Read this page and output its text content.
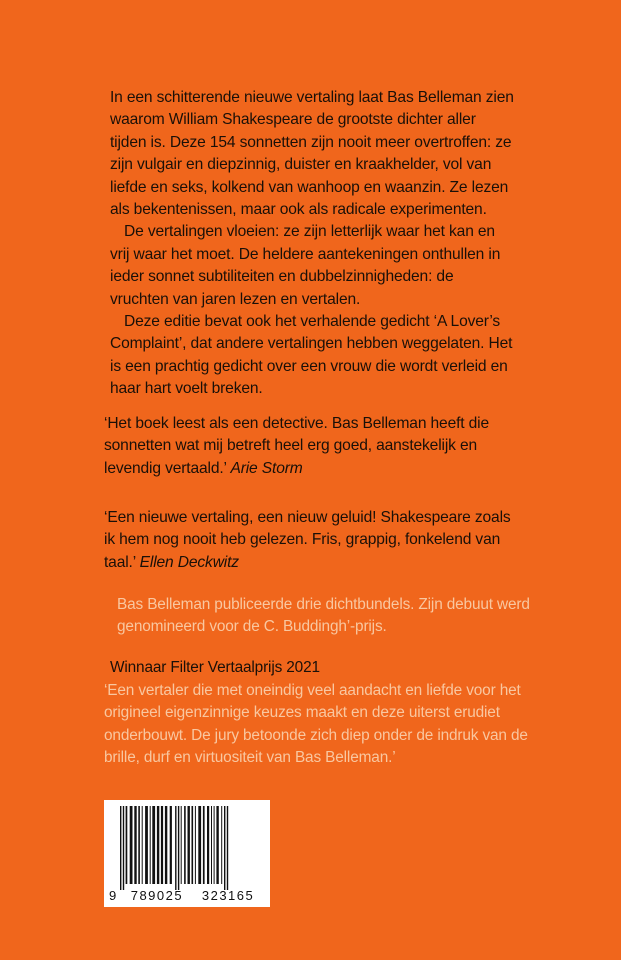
In een schitterende nieuwe vertaling laat Bas Belleman zien waarom William Shakespeare de grootste dichter aller tijden is. Deze 154 sonnetten zijn nooit meer overtroffen: ze zijn vulgair en diepzinnig, duister en kraakhelder, vol van liefde en seks, kolkend van wanhoop en waanzin. Ze lezen als bekentenissen, maar ook als radicale experimenten.

De vertalingen vloeien: ze zijn letterlijk waar het kan en vrij waar het moet. De heldere aantekeningen onthullen in ieder sonnet subtiliteiten en dubbelzinnigheden: de vruchten van jaren lezen en vertalen.

Deze editie bevat ook het verhalende gedicht ‘A Lover’s Complaint’, dat andere vertalingen hebben weggelaten. Het is een prachtig gedicht over een vrouw die wordt verleid en haar hart voelt breken.

‘Het boek leest als een detective. Bas Belleman heeft die sonnetten wat mij betreft heel erg goed, aanstekelijk en levendig vertaald.’ Arie Storm
‘Een nieuwe vertaling, een nieuw geluid! Shakespeare zoals ik hem nog nooit heb gelezen. Fris, grappig, fonkelend van taal.’ Ellen Deckwitz
Bas Belleman publiceerde drie dichtbundels. Zijn debuut werd genomineerd voor de C. Buddingh’-prijs.
Winnaar Filter Vertaalprijs 2021
‘Een vertaler die met oneindig veel aandacht en liefde voor het origineel eigenzinnige keuzes maakt en deze uiterst erudiet onderbouwt. De jury betoonde zich diep onder de indruk van de brille, durf en virtuositeit van Bas Belleman.’
9	789025	323165
